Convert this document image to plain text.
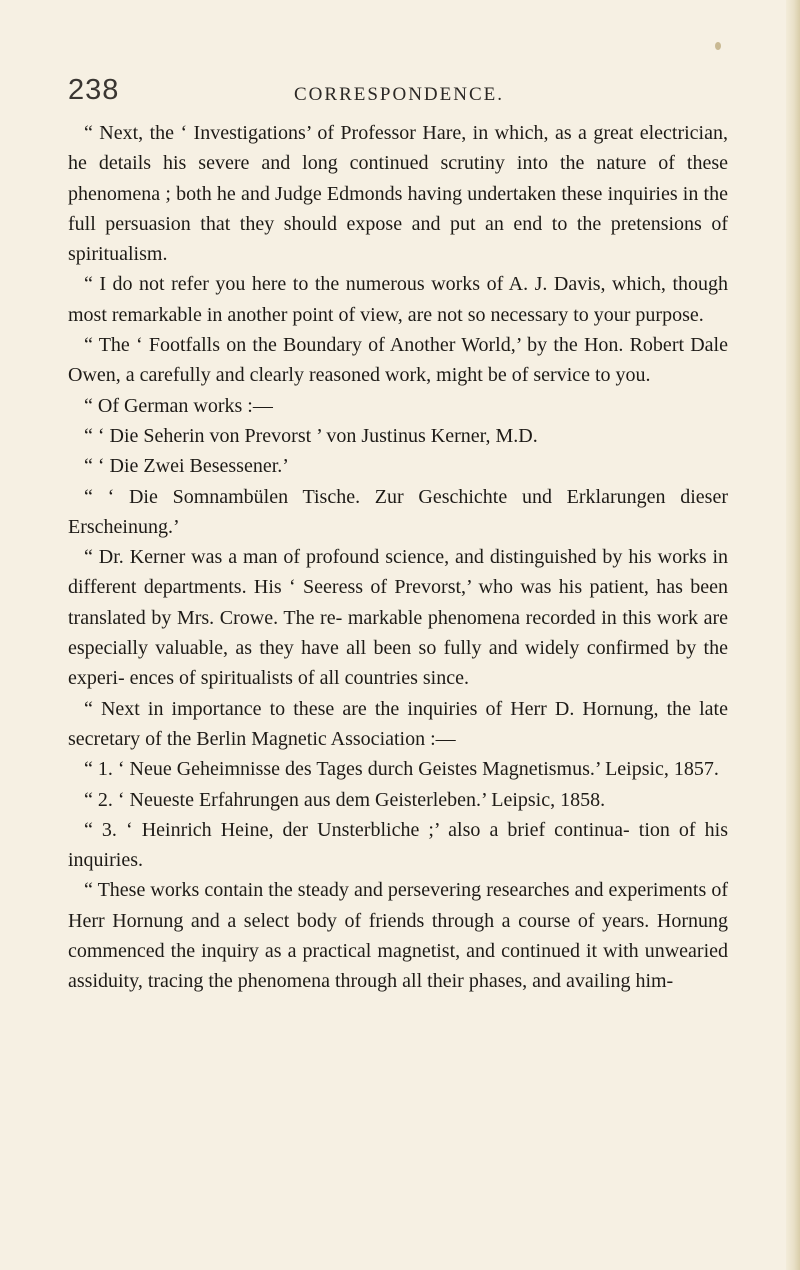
238	CORRESPONDENCE.

“ Next, the ‘ Investigations’ of Professor Hare, in which, as a great electrician, he details his severe and long continued scrutiny into the nature of these phenomena ; both he and Judge Edmonds having undertaken these inquiries in the full persuasion that they should expose and put an end to the pretensions of spiritualism.

“ I do not refer you here to the numerous works of A. J. Davis, which, though most remarkable in another point of view, are not so necessary to your purpose.

“ The ‘ Footfalls on the Boundary of Another World,’ by the Hon. Robert Dale Owen, a carefully and clearly reasoned work, might be of service to you.

“ Of German works :—

“ ‘ Die Seherin von Prevorst ’ von Justinus Kerner, M.D.

“ ‘ Die Zwei Besessener.’

“ ‘ Die Somnambülen Tische. Zur Geschichte und Erklarungen dieser Erscheinung.’

“ Dr. Kerner was a man of profound science, and distinguished by his works in different departments. His ‘ Seeress of Prevorst,’ who was his patient, has been translated by Mrs. Crowe. The re- markable phenomena recorded in this work are especially valuable, as they have all been so fully and widely confirmed by the experi- ences of spiritualists of all countries since.

“ Next in importance to these are the inquiries of Herr D. Hornung, the late secretary of the Berlin Magnetic Association :—

“ 1. ‘ Neue Geheimnisse des Tages durch Geistes Magnetismus.’ Leipsic, 1857.

“ 2. ‘ Neueste Erfahrungen aus dem Geisterleben.’ Leipsic, 1858.

“ 3. ‘ Heinrich Heine, der Unsterbliche ;’ also a brief continua- tion of his inquiries.

“ These works contain the steady and persevering researches and experiments of Herr Hornung and a select body of friends through a course of years. Hornung commenced the inquiry as a practical magnetist, and continued it with unwearied assiduity, tracing the phenomena through all their phases, and availing him-
